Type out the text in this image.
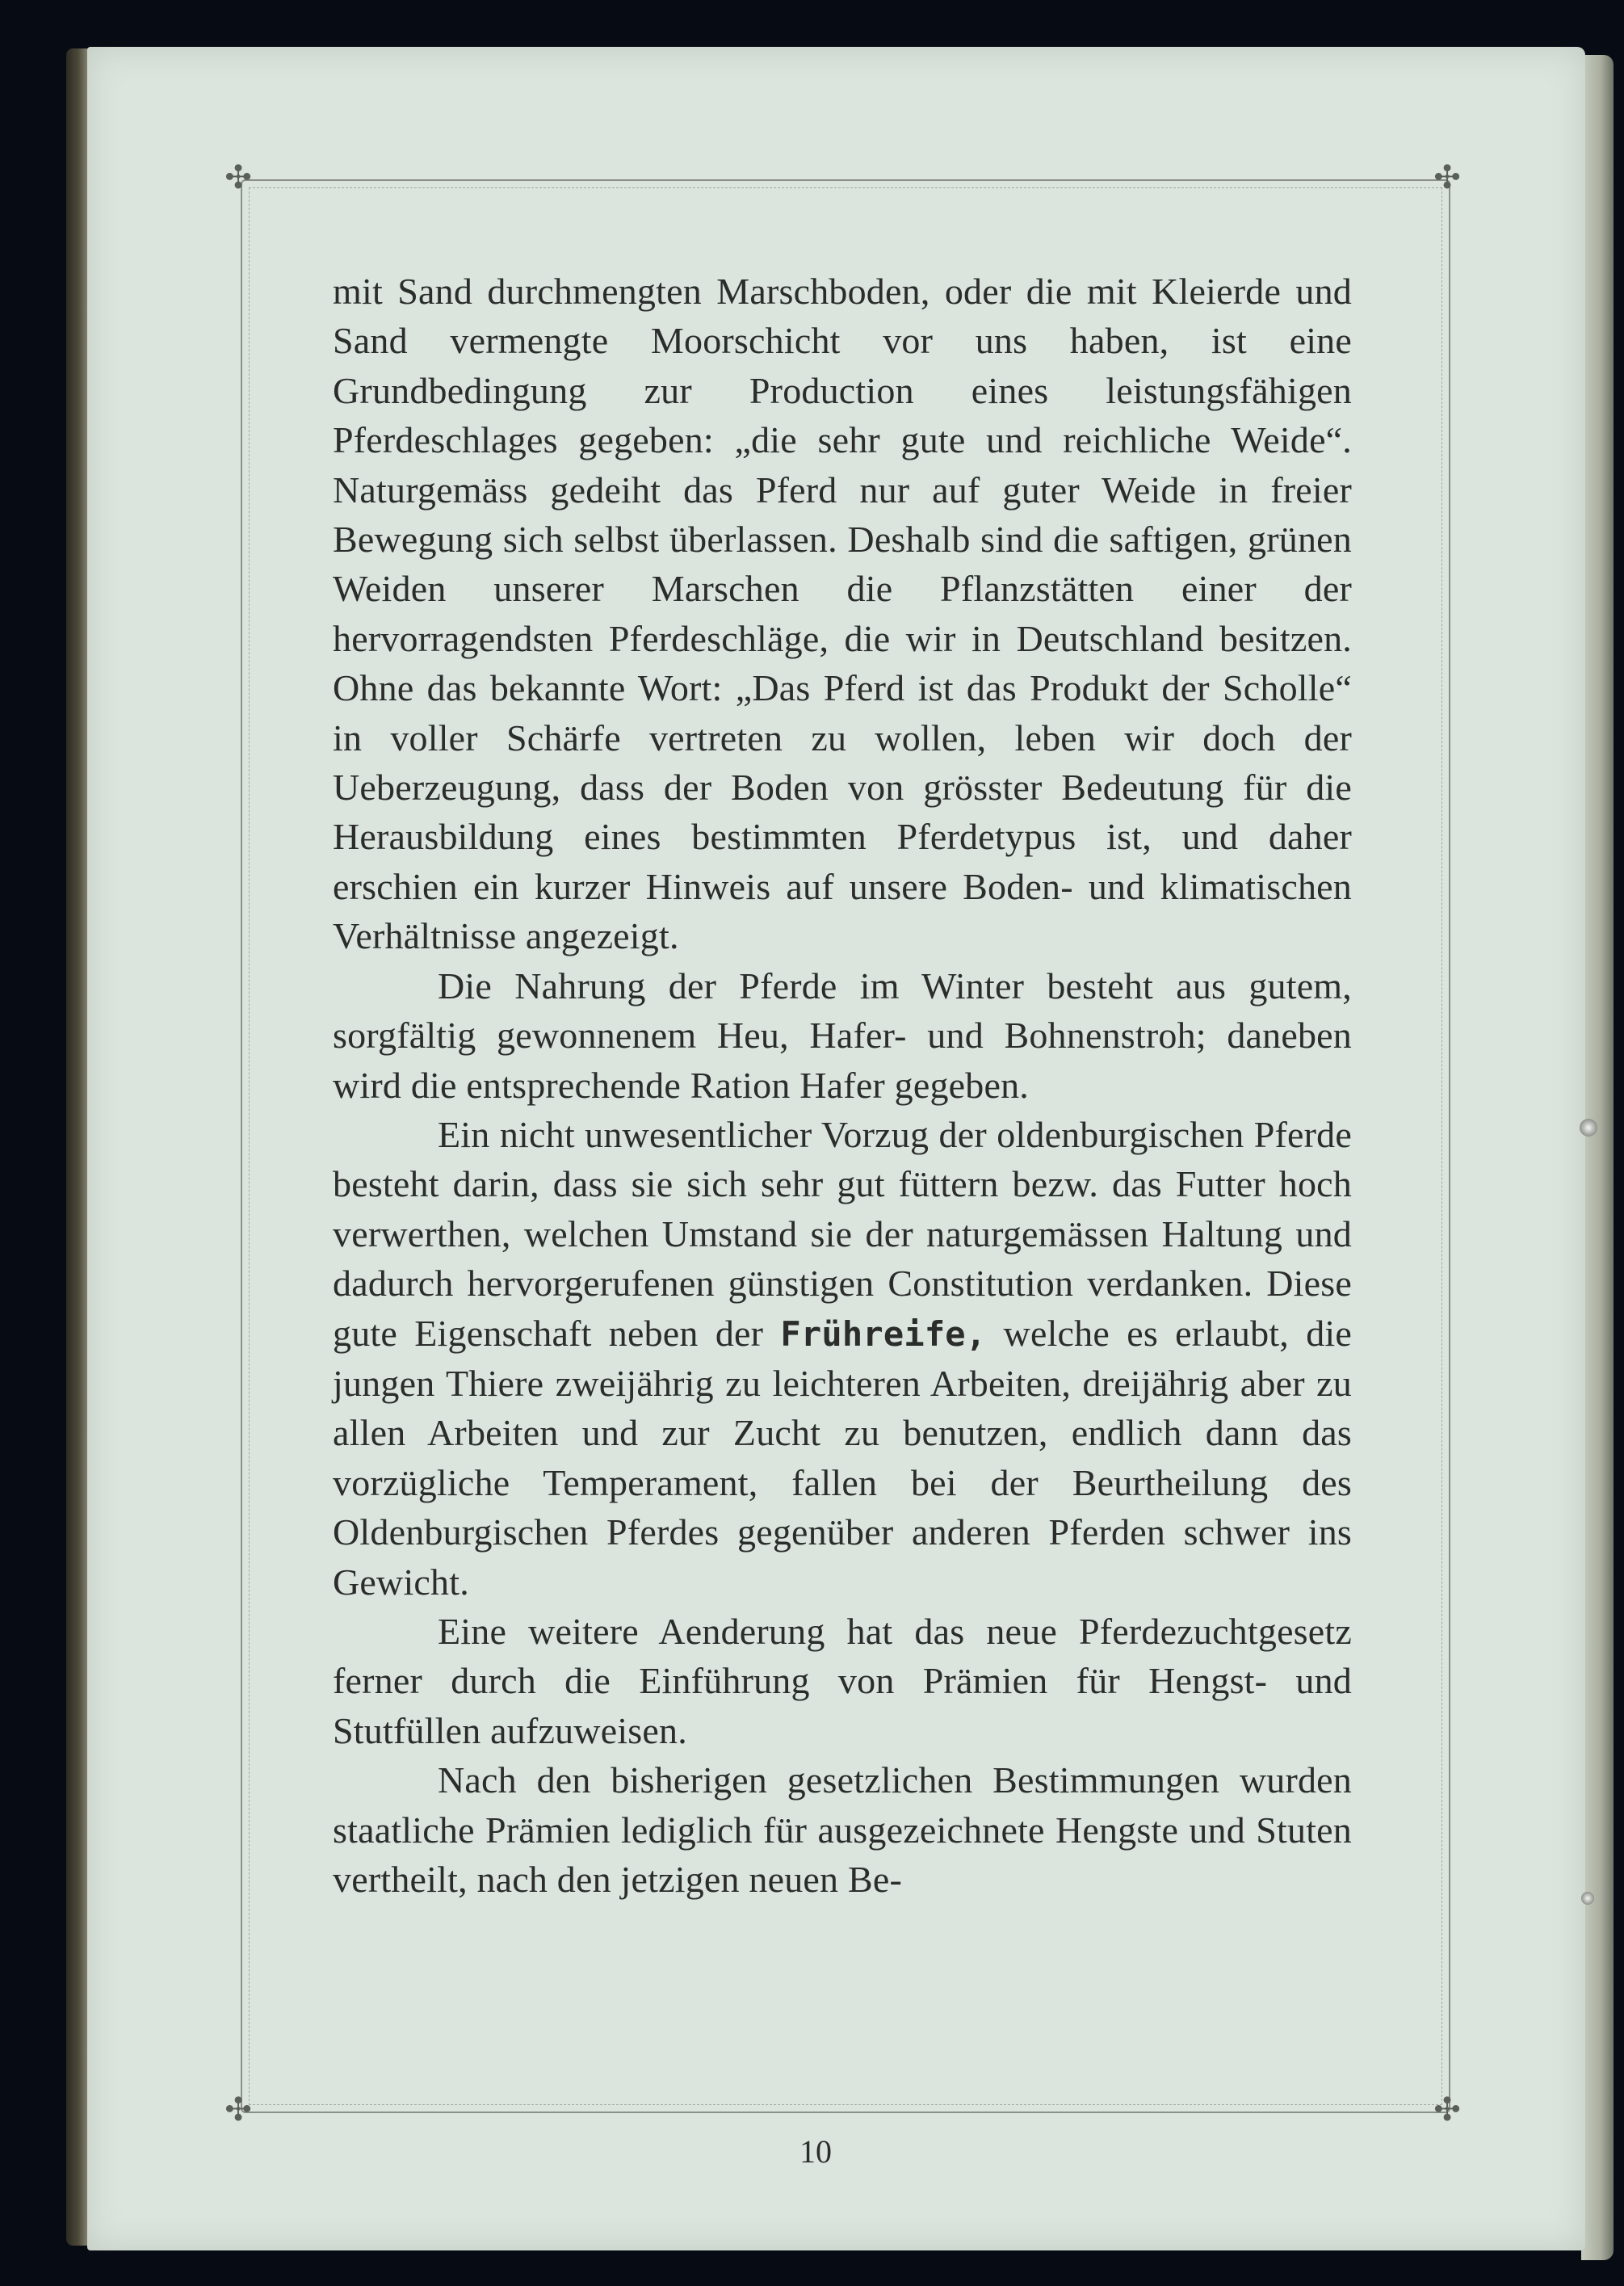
✣	✣
✣	✣

mit Sand durchmengten Marschboden, oder die mit Kleierde und Sand vermengte Moorschicht vor uns haben, ist eine Grundbedingung zur Production eines leistungsfähigen Pferdeschlages gegeben: „die sehr gute und reichliche Weide“. Naturgemäss gedeiht das Pferd nur auf guter Weide in freier Bewegung sich selbst überlassen. Deshalb sind die saftigen, grünen Weiden unserer Marschen die Pflanzstätten einer der hervorragendsten Pferdeschläge, die wir in Deutschland besitzen. Ohne das bekannte Wort: „Das Pferd ist das Produkt der Scholle“ in voller Schärfe vertreten zu wollen, leben wir doch der Ueberzeugung, dass der Boden von grösster Bedeutung für die Herausbildung eines bestimmten Pferdetypus ist, und daher erschien ein kurzer Hinweis auf unsere Boden- und klimatischen Verhältnisse angezeigt.

Die Nahrung der Pferde im Winter besteht aus gutem, sorgfältig gewonnenem Heu, Hafer- und Bohnenstroh; daneben wird die entsprechende Ration Hafer gegeben.

Ein nicht unwesentlicher Vorzug der oldenburgischen Pferde besteht darin, dass sie sich sehr gut füttern bezw. das Futter hoch verwerthen, welchen Umstand sie der naturgemässen Haltung und dadurch hervorgerufenen günstigen Constitution verdanken. Diese gute Eigenschaft neben der Frühreife, welche es erlaubt, die jungen Thiere zweijährig zu leichteren Arbeiten, dreijährig aber zu allen Arbeiten und zur Zucht zu benutzen, endlich dann das vorzügliche Temperament, fallen bei der Beurtheilung des Oldenburgischen Pferdes gegenüber anderen Pferden schwer ins Gewicht.

Eine weitere Aenderung hat das neue Pferdezuchtgesetz ferner durch die Einführung von Prämien für Hengst- und Stutfüllen aufzuweisen.

Nach den bisherigen gesetzlichen Bestimmungen wurden staatliche Prämien lediglich für ausgezeichnete Hengste und Stuten vertheilt, nach den jetzigen neuen Be-

10
